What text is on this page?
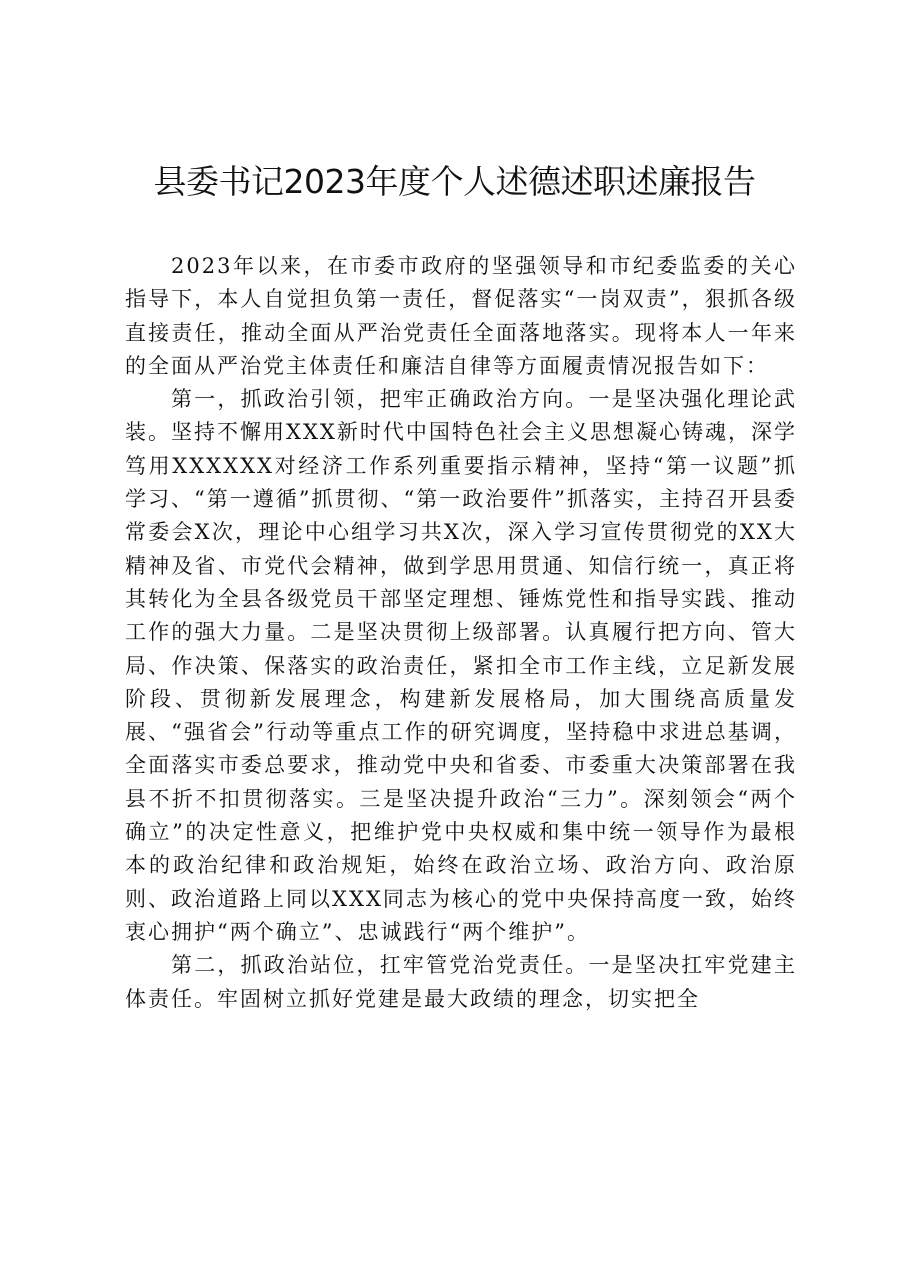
县委书记2023年度个人述德述职述廉报告

2023年以来，在市委市政府的坚强领导和市纪委监委的关心指导下，本人自觉担负第一责任，督促落实“一岗双责”，狠抓各级直接责任，推动全面从严治党责任全面落地落实。现将本人一年来的全面从严治党主体责任和廉洁自律等方面履责情况报告如下：

第一，抓政治引领，把牢正确政治方向。一是坚决强化理论武装。坚持不懈用XXX新时代中国特色社会主义思想凝心铸魂，深学笃用XXXXXX对经济工作系列重要指示精神，坚持“第一议题”抓学习、“第一遵循”抓贯彻、“第一政治要件”抓落实，主持召开县委常委会X次，理论中心组学习共X次，深入学习宣传贯彻党的XX大精神及省、市党代会精神，做到学思用贯通、知信行统一，真正将其转化为全县各级党员干部坚定理想、锤炼党性和指导实践、推动工作的强大力量。二是坚决贯彻上级部署。认真履行把方向、管大局、作决策、保落实的政治责任，紧扣全市工作主线，立足新发展阶段、贯彻新发展理念，构建新发展格局，加大围绕高质量发展、“强省会”行动等重点工作的研究调度，坚持稳中求进总基调，全面落实市委总要求，推动党中央和省委、市委重大决策部署在我县不折不扣贯彻落实。三是坚决提升政治“三力”。深刻领会“两个确立”的决定性意义，把维护党中央权威和集中统一领导作为最根本的政治纪律和政治规矩，始终在政治立场、政治方向、政治原则、政治道路上同以XXX同志为核心的党中央保持高度一致，始终衷心拥护“两个确立”、忠诚践行“两个维护”。

第二，抓政治站位，扛牢管党治党责任。一是坚决扛牢党建主体责任。牢固树立抓好党建是最大政绩的理念，切实把全
